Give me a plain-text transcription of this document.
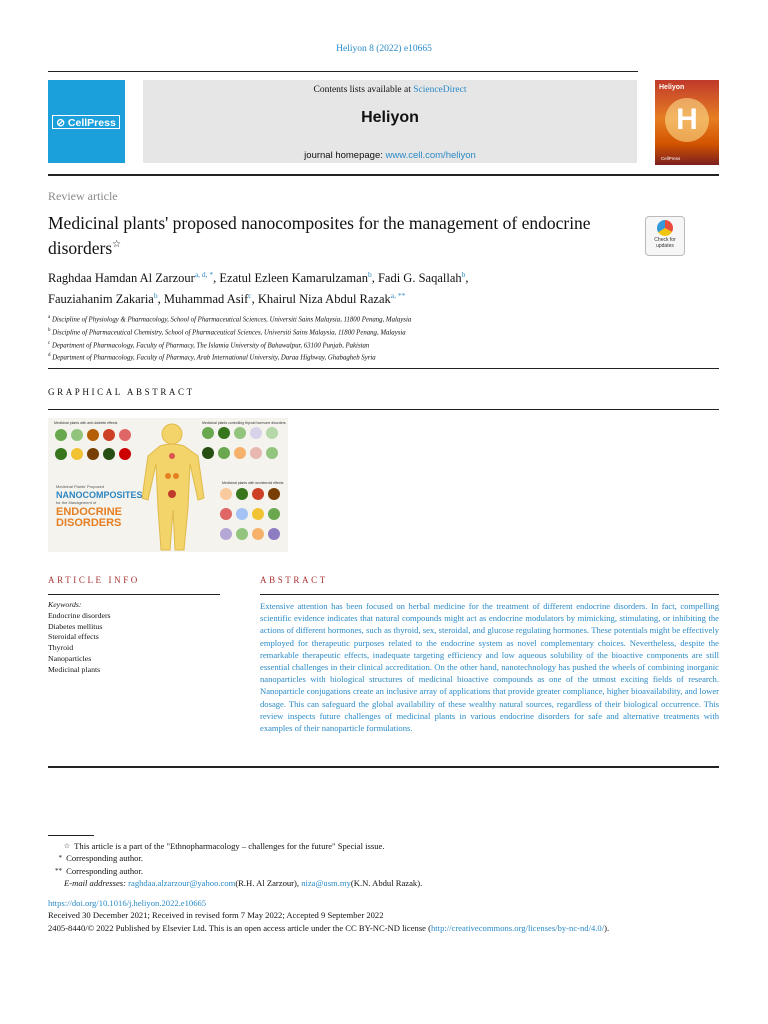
Heliyon 8 (2022) e10665
⊘ CellPress
Contents lists available at ScienceDirect
Heliyon
journal homepage: www.cell.com/heliyon
Heliyon
H
CellPress
Review article
Medicinal plants' proposed nanocomposites for the management of endocrine disorders☆	Check for updates
Raghdaa Hamdan Al Zarzour$^{a, d, *}$, Ezatul Ezleen Kamarulzaman$^b$, Fadi G. Saqallah$^b$,
Fauziahanim Zakaria$^b$, Muhammad Asif$^c$, Khairul Niza Abdul Razak$^{a, **}$
$^a$ Discipline of Physiology & Pharmacology, School of Pharmaceutical Sciences, Universiti Sains Malaysia, 11800 Penang, Malaysia
$^b$ Discipline of Pharmaceutical Chemistry, School of Pharmaceutical Sciences, Universiti Sains Malaysia, 11800 Penang, Malaysia
$^c$ Department of Pharmacology, Faculty of Pharmacy, The Islamia University of Bahawalpur, 63100 Punjab, Pakistan
$^d$ Department of Pharmacology, Faculty of Pharmacy, Arab International University, Daraa Highway, Ghabagheb Syria
GRAPHICAL ABSTRACT
Medicinal plants with anti-diabetic effects	Medicinal plants controlling thyroid hormone disorders
Medicinal plants with sex/steroid effects
Medicinal Plants' Proposed
NANOCOMPOSITES
for the Management of
ENDOCRINE
DISORDERS
ARTICLE INFO	ABSTRACT
Keywords:
Endocrine disorders
Diabetes mellitus
Steroidal effects
Thyroid
Nanoparticles
Medicinal plants
Extensive attention has been focused on herbal medicine for the treatment of different endocrine disorders. In fact, compelling scientific evidence indicates that natural compounds might act as endocrine modulators by mimicking, stimulating, or inhibiting the actions of different hormones, such as thyroid, sex, steroidal, and glucose regulating hormones. These potentials might be effectively employed for therapeutic purposes related to the endocrine system as novel complementary choices. Nevertheless, despite the remarkable therapeutic effects, inadequate targeting efficiency and low aqueous solubility of the bioactive components are still essential challenges in their clinical accreditation. On the other hand, nanotechnology has pushed the wheels of combining inorganic nanoparticles with biological structures of medicinal bioactive compounds as one of the utmost exciting fields of research. Nanoparticle conjugations create an inclusive array of applications that provide greater compliance, higher bioavailability, and lower dosage. This can safeguard the global availability of these wealthy natural sources, regardless of their biological occurrence. This review inspects future challenges of medicinal plants in various endocrine disorders for safe and alternative treatments with examples of their nanoparticle formulations.
☆
This article is a part of the "Ethnopharmacology – challenges for the future" Special issue.
*
Corresponding author.
**
Corresponding author.
E-mail addresses:
raghdaa.alzarzour@yahoo.com (R.H. Al Zarzour),
niza@usm.my (K.N. Abdul Razak).
https://doi.org/10.1016/j.heliyon.2022.e10665
Received 30 December 2021; Received in revised form 7 May 2022; Accepted 9 September 2022
2405-8440/© 2022 Published by Elsevier Ltd. This is an open access article under the CC BY-NC-ND license (http://creativecommons.org/licenses/by-nc-nd/4.0/).
